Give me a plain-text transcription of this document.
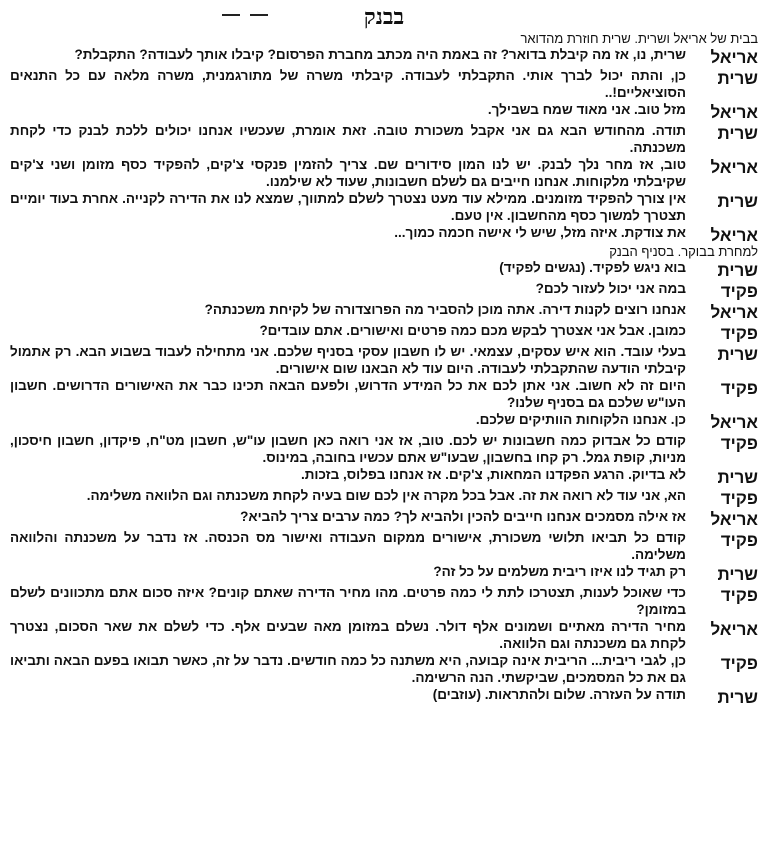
בבנק

בבית של אריאל ושרית. שרית חוזרת מהדואר

אריאל
שרית, נו, אז מה קיבלת בדואר? זה באמת היה מכתב מחברת הפרסום? קיבלו אותך לעבודה? התקבלת?
שרית
כן, והתה יכול לברך אותי. התקבלתי לעבודה. קיבלתי משרה של מתורגמנית, משרה מלאה עם כל התנאים הסוציאליים!..
אריאל
מזל טוב. אני מאוד שמח בשבילך.
שרית
תודה. מהחודש הבא גם אני אקבל משכורת טובה. זאת אומרת, שעכשיו אנחנו יכולים ללכת לבנק כדי לקחת משכנתה.
אריאל
טוב, אז מחר נלך לבנק. יש לנו המון סידורים שם. צריך להזמין פנקסי צ'קים, להפקיד כסף מזומן ושני צ'קים שקיבלתי מלקוחות. אנחנו חייבים גם לשלם חשבונות, שעוד לא שילמנו.
שרית
אין צורך להפקיד מזומנים. ממילא עוד מעט נצטרך לשלם למתווך, שמצא לנו את הדירה לקנייה. אחרת בעוד יומיים תצטרך למשוך כסף מהחשבון. אין טעם.
אריאל
את צודקת. איזה מזל, שיש לי אישה חכמה כמוך...

למחרת בבוקר. בסניף הבנק

שרית
בוא ניגש לפקיד. (נגשים לפקיד)
פקיד
במה אני יכול לעזור לכם?
אריאל
אנחנו רוצים לקנות דירה. אתה מוכן להסביר מה הפרוצדורה של לקיחת משכנתה?
פקיד
כמובן. אבל אני אצטרך לבקש מכם כמה פרטים ואישורים. אתם עובדים?
שרית
בעלי עובד. הוא איש עסקים, עצמאי. יש לו חשבון עסקי בסניף שלכם. אני מתחילה לעבוד בשבוע הבא. רק אתמול קיבלתי הודעה שהתקבלתי לעבודה. היום עוד לא הבאנו שום אישורים.
פקיד
היום זה לא חשוב. אני אתן לכם את כל המידע הדרוש, ולפעם הבאה תכינו כבר את האישורים הדרושים. חשבון העו"ש שלכם גם בסניף שלנו?
אריאל
כן. אנחנו הלקוחות הוותיקים שלכם.
פקיד
קודם כל אבדוק כמה חשבונות יש לכם. טוב, אז אני רואה כאן חשבון עו"ש, חשבון מט"ח, פיקדון, חשבון חיסכון, מניות, קופת גמל. רק קחו בחשבון, שבעו"ש אתם עכשיו בחובה, במינוס.
שרית
לא בדיוק. הרגע הפקדנו המחאות, צ'קים. אז אנחנו בפלוס, בזכות.
פקיד
הא, אני עוד לא רואה את זה. אבל בכל מקרה אין לכם שום בעיה לקחת משכנתה וגם הלוואה משלימה.
אריאל
אז אילה מסמכים אנחנו חייבים להכין ולהביא לך? כמה ערבים צריך להביא?
פקיד
קודם כל תביאו תלושי משכורת, אישורים ממקום העבודה ואישור מס הכנסה. אז נדבר על משכנתה והלוואה משלימה.
שרית
רק תגיד לנו איזו ריבית משלמים על כל זה?
פקיד
כדי שאוכל לענות, תצטרכו לתת לי כמה פרטים. מהו מחיר הדירה שאתם קונים? איזה סכום אתם מתכוונים לשלם במזומן?
אריאל
מחיר הדירה מאתיים ושמונים אלף דולר. נשלם במזומן מאה שבעים אלף. כדי לשלם את שאר הסכום, נצטרך לקחת גם משכנתה וגם הלוואה.
פקיד
כן, לגבי ריבית... הריבית אינה קבועה, היא משתנה כל כמה חודשים. נדבר על זה, כאשר תבואו בפעם הבאה ותביאו גם את כל המסמכים, שביקשתי. הנה הרשימה.
שרית
תודה על העזרה. שלום ולהתראות. (עוזבים)
